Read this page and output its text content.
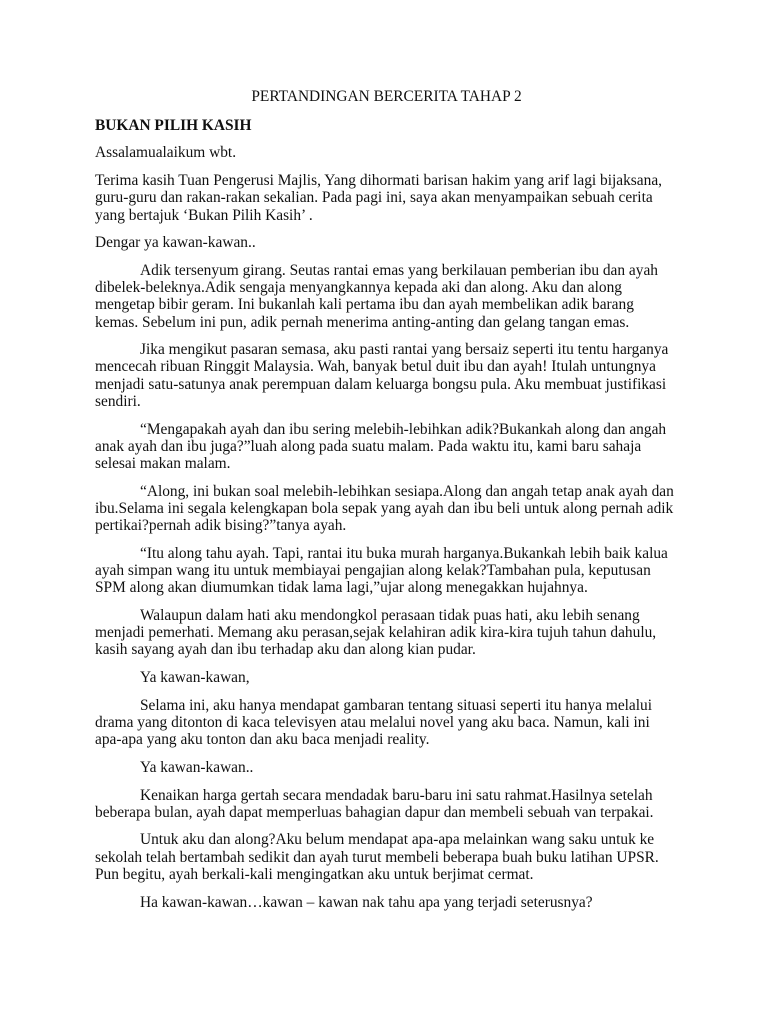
PERTANDINGAN BERCERITA TAHAP 2
BUKAN PILIH KASIH

Assalamualaikum wbt.

Terima kasih Tuan Pengerusi Majlis, Yang dihormati barisan hakim yang arif lagi bijaksana, guru-guru dan rakan-rakan sekalian. Pada pagi ini, saya akan menyampaikan sebuah cerita yang bertajuk ‘Bukan Pilih Kasih’ .

Dengar ya kawan-kawan..

Adik tersenyum girang. Seutas rantai emas yang berkilauan pemberian ibu dan ayah dibelek-beleknya.Adik sengaja menyangkannya kepada aki dan along. Aku dan along mengetap bibir geram. Ini bukanlah kali pertama ibu dan ayah membelikan adik barang kemas. Sebelum ini pun, adik pernah menerima anting-anting dan gelang tangan emas.

Jika mengikut pasaran semasa, aku pasti rantai yang bersaiz seperti itu tentu harganya mencecah ribuan Ringgit Malaysia. Wah, banyak betul duit ibu dan ayah! Itulah untungnya menjadi satu-satunya anak perempuan dalam keluarga bongsu pula. Aku membuat justifikasi sendiri.

“Mengapakah ayah dan ibu sering melebih-lebihkan adik?Bukankah along dan angah anak ayah dan ibu juga?”luah along pada suatu malam. Pada waktu itu, kami baru sahaja selesai makan malam.

“Along, ini bukan soal melebih-lebihkan sesiapa.Along dan angah tetap anak ayah dan ibu.Selama ini segala kelengkapan bola sepak yang ayah dan ibu beli untuk along pernah adik pertikai?pernah adik bising?”tanya ayah.

“Itu along tahu ayah. Tapi, rantai itu buka murah harganya.Bukankah lebih baik kalua ayah simpan wang itu untuk membiayai pengajian along kelak?Tambahan pula, keputusan SPM along akan diumumkan tidak lama lagi,”ujar along menegakkan hujahnya.

Walaupun dalam hati aku mendongkol perasaan tidak puas hati, aku lebih senang menjadi pemerhati. Memang aku perasan,sejak kelahiran adik kira-kira tujuh tahun dahulu, kasih sayang ayah dan ibu terhadap aku dan along kian pudar.

Ya kawan-kawan,

Selama ini, aku hanya mendapat gambaran tentang situasi seperti itu hanya melalui drama yang ditonton di kaca televisyen atau melalui novel yang aku baca. Namun, kali ini apa-apa yang aku tonton dan aku baca menjadi reality.

Ya kawan-kawan..

Kenaikan harga gertah secara mendadak baru-baru ini satu rahmat.Hasilnya setelah beberapa bulan, ayah dapat memperluas bahagian dapur dan membeli sebuah van terpakai.

Untuk aku dan along?Aku belum mendapat apa-apa melainkan wang saku untuk ke sekolah telah bertambah sedikit dan ayah turut membeli beberapa buah buku latihan UPSR. Pun begitu, ayah berkali-kali mengingatkan aku untuk berjimat cermat.

Ha kawan-kawan…kawan – kawan nak tahu apa yang terjadi seterusnya?
